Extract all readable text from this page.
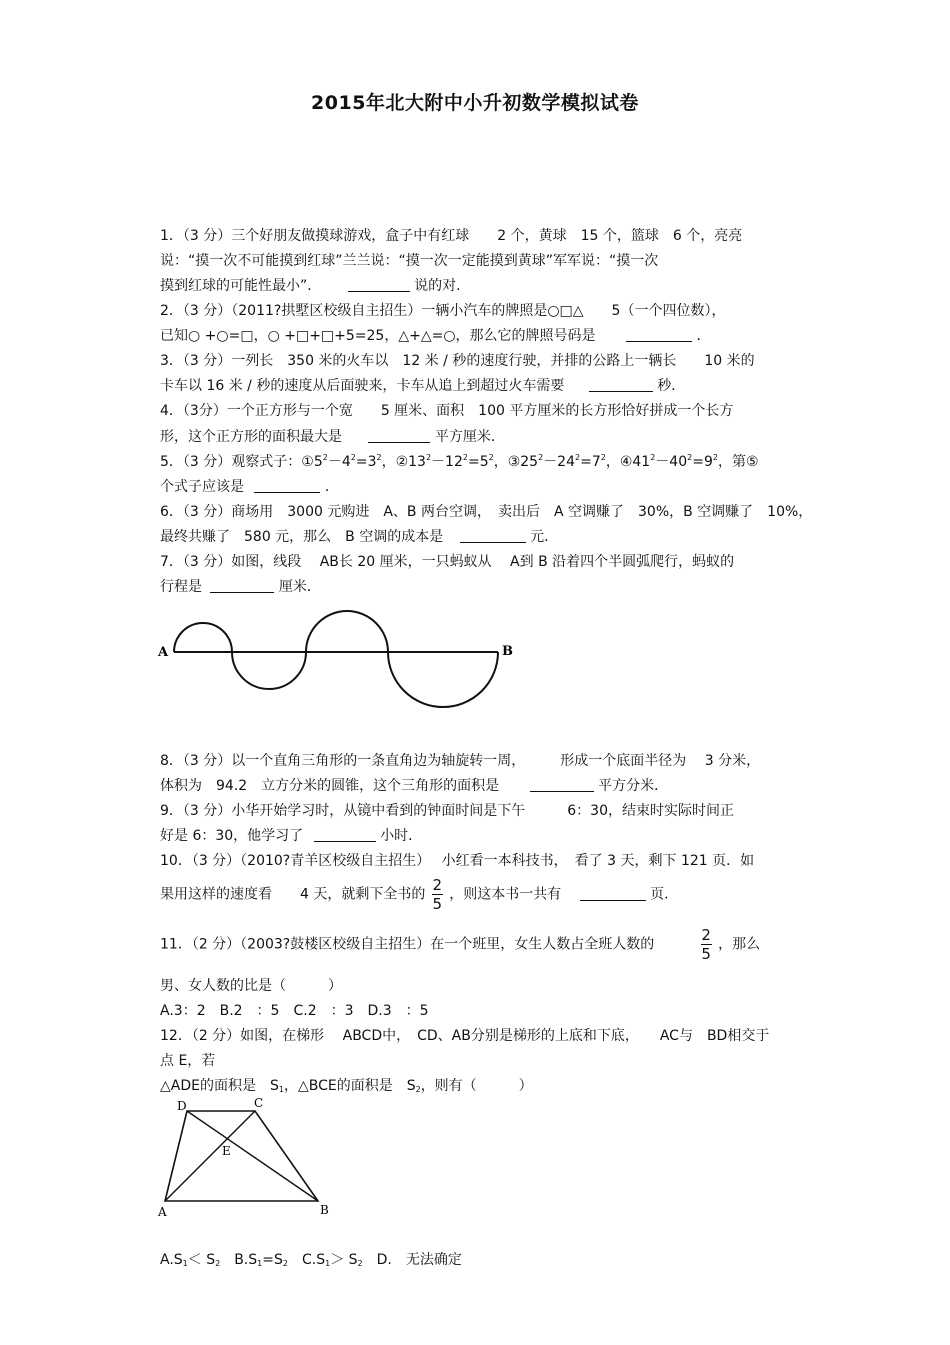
2015年北大附中小升初数学模拟试卷
1．（3 分）三个好朋友做摸球游戏，盒子中有红球　　2 个，黄球　15 个，篮球　6 个，亮亮
说：“摸一次不可能摸到红球”兰兰说：“摸一次一定能摸到黄球”军军说：“摸一次
摸到红球的可能性最小”．	说的对．
2．（3 分）（2011?拱墅区校级自主招生）一辆小汽车的牌照是○□△　　5（一个四位数），
已知○ +○=□，○ +□+□+5=25，△+△=○，那么它的牌照号码是	．
3．（3 分）一列长　350 米的火车以　12 米 / 秒的速度行驶，并排的公路上一辆长　　10 米的
卡车以 16 米 / 秒的速度从后面驶来，卡车从追上到超过火车需要	秒．
4．（3分）一个正方形与一个宽　　5 厘米、面积　100 平方厘米的长方形恰好拼成一个长方
形，这个正方形的面积最大是	平方厘米．
5．（3 分）观察式子：$①5^2-4^2=3^2$，$②13^2-12^2=5^2$，$③25^2-24^2=7^2$，$④41^2-40^2=9^2$，第⑤
个式子应该是	．
6．（3 分）商场用　3000 元购进　A、B 两台空调，　卖出后　A 空调赚了　30%，B 空调赚了　10%，
最终共赚了　580 元，那么　B 空调的成本是	元．
7．（3 分）如图，线段　 AB长 20 厘米，一只蚂蚁从　 A到 B 沿着四个半圆弧爬行，蚂蚁的
行程是	厘米．
A	B
8．（3 分）以一个直角三角形的一条直角边为轴旋转一周，　　　形成一个底面半径为　 3 分米，
体积为　94.2　立方分米的圆锥，这个三角形的面积是	平方分米．
9．（3 分）小华开始学习时，从镜中看到的钟面时间是下午　　　6：30，结束时实际时间正
好是 6：30，他学习了	小时．
10．（3 分）（2010?青羊区校级自主招生）　 小红看一本科技书，　看了 3 天，剩下 121 页．如
果用这样的速度看　　4 天，就剩下全书的 $\frac{2}{5}$ ，则这本书一共有	页．
11．（2 分）（2003?鼓楼区校级自主招生）在一个班里，女生人数占全班人数的	$\frac{2}{5}$ ，那么
男、女人数的比是（　　　）
A.3：2　B.2　：5　C.2　：3　D.3　：5
12．（2 分）如图，在梯形　 ABCD中，　CD、AB分别是梯形的上底和下底，　　AC与　BD相交于
点 E，若
△ADE的面积是　$S_1$，△BCE的面积是　$S_2$，则有（　　　）
D	C
E
A	B
$A.S_1< S_2$　$B.S_1=S_2$　$C.S_1> S_2$　D.　无法确定
